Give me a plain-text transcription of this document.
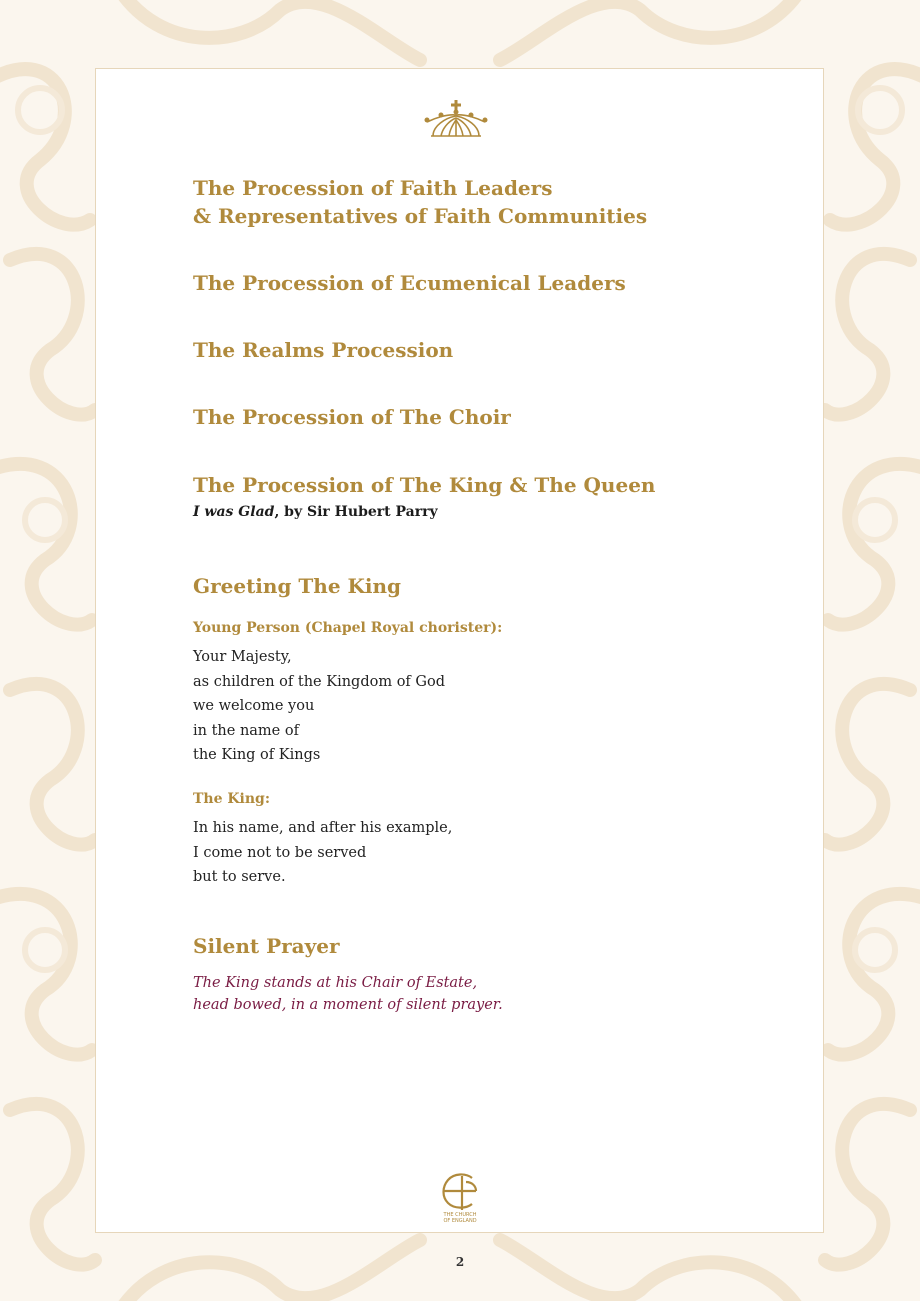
The Procession of Faith Leaders
& Representatives of Faith Communities
The Procession of Ecumenical Leaders
The Realms Procession
The Procession of The Choir
The Procession of The King & The Queen

I was Glad, by Sir Hubert Parry

Greeting The King

Young Person (Chapel Royal chorister):

Your Majesty,
as children of the Kingdom of God
we welcome you
in the name of
the King of Kings

The King:

In his name, and after his example,
I come not to be served
but to serve.
Silent Prayer
The King stands at his Chair of Estate,
head bowed, in a moment of silent prayer.
THE CHURCH
OF ENGLAND
2
